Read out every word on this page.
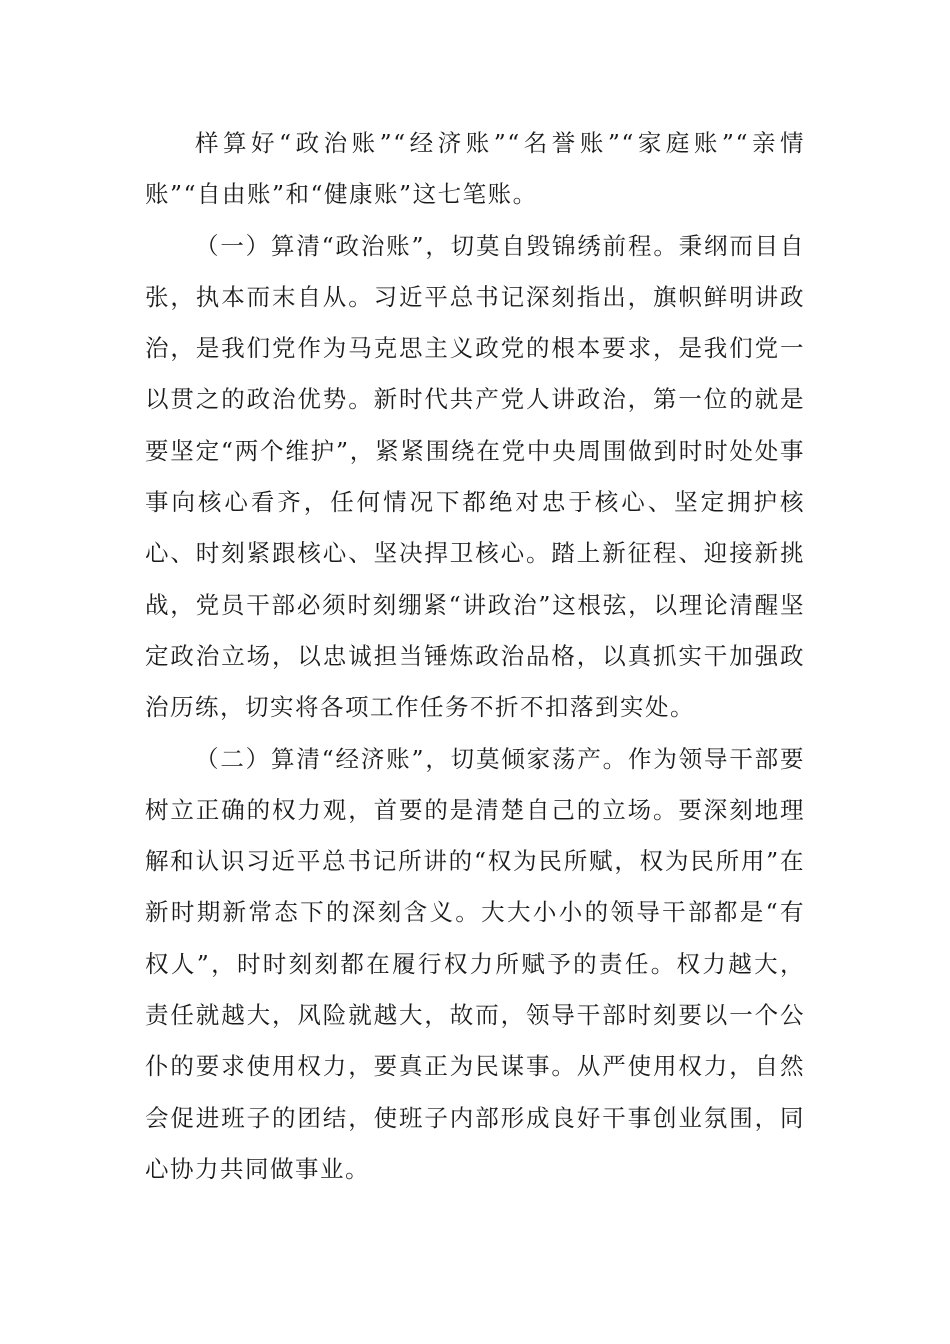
样算好“政治账”“经济账”“名誉账”“家庭账”“亲情账”“自由账”和“健康账”这七笔账。

（一）算清“政治账”，切莫自毁锦绣前程。秉纲而目自张，执本而末自从。习近平总书记深刻指出，旗帜鲜明讲政治，是我们党作为马克思主义政党的根本要求，是我们党一以贯之的政治优势。新时代共产党人讲政治，第一位的就是要坚定“两个维护”，紧紧围绕在党中央周围做到时时处处事事向核心看齐，任何情况下都绝对忠于核心、坚定拥护核心、时刻紧跟核心、坚决捍卫核心。踏上新征程、迎接新挑战，党员干部必须时刻绷紧“讲政治”这根弦，以理论清醒坚定政治立场，以忠诚担当锤炼政治品格，以真抓实干加强政治历练，切实将各项工作任务不折不扣落到实处。

（二）算清“经济账”，切莫倾家荡产。作为领导干部要树立正确的权力观，首要的是清楚自己的立场。要深刻地理解和认识习近平总书记所讲的“权为民所赋，权为民所用”在新时期新常态下的深刻含义。大大小小的领导干部都是“有权人”，时时刻刻都在履行权力所赋予的责任。权力越大，责任就越大，风险就越大，故而，领导干部时刻要以一个公仆的要求使用权力，要真正为民谋事。从严使用权力，自然会促进班子的团结，使班子内部形成良好干事创业氛围，同心协力共同做事业。
